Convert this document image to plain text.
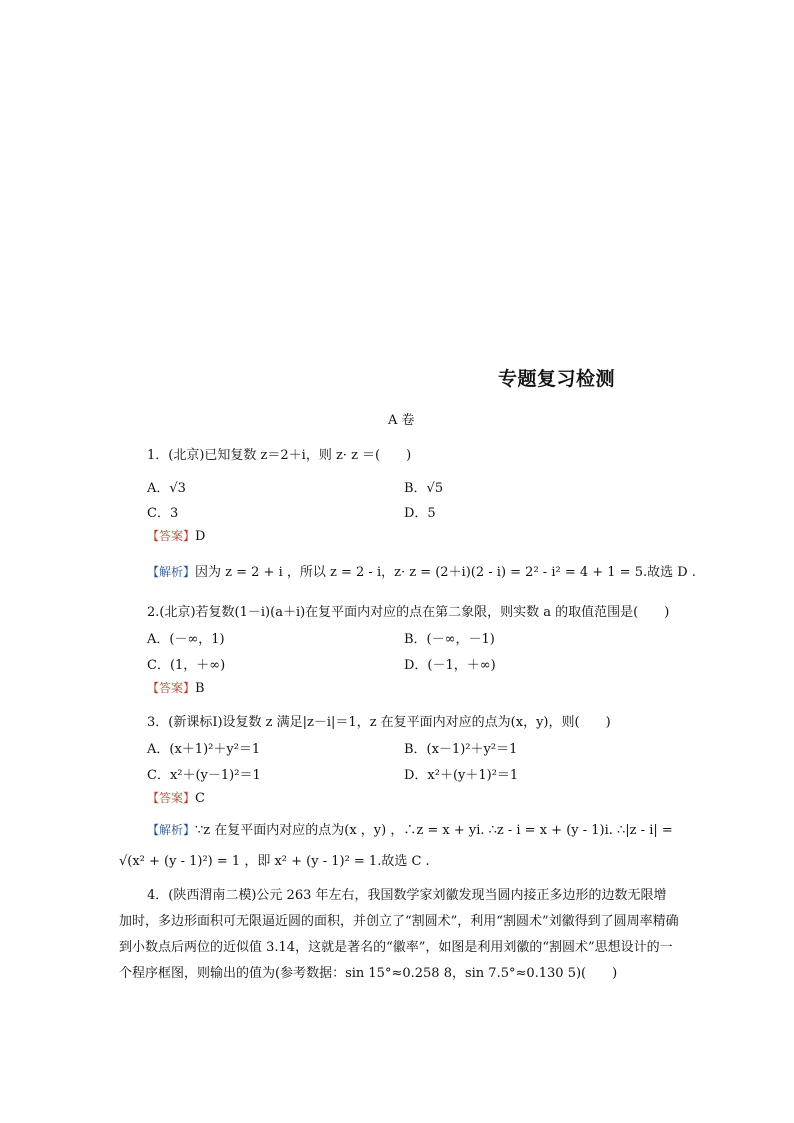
专题复习检测
A 卷
1．(北京)已知复数 z＝2＋i，则 z· z ＝(　　)
A．√3	B．√5
C．3	D．5
【答案】D
【解析】因为 z = 2 + i ，所以 z = 2 - i，z· z = (2＋i)(2 - i) = 2² - i² = 4 + 1 = 5.故选 D .
2.(北京)若复数(1－i)(a＋i)在复平面内对应的点在第二象限，则实数 a 的取值范围是(　　)
A．(－∞，1)	B．(－∞，－1)
C．(1，＋∞)	D．(－1，＋∞)
【答案】B
3．(新课标Ⅰ)设复数 z 满足|z－i|＝1，z 在复平面内对应的点为(x，y)，则(　　)
A．(x＋1)²＋y²＝1	B．(x－1)²＋y²＝1
C．x²＋(y－1)²＝1	D．x²＋(y＋1)²＝1
【答案】C
【解析】∵z 在复平面内对应的点为(x ，y) ，∴z = x + yi. ∴z - i = x + (y - 1)i. ∴|z - i| =
√(x² + (y - 1)²) = 1 ，即 x² + (y - 1)² = 1.故选 C .
4．(陕西渭南二模)公元 263 年左右，我国数学家刘徽发现当圆内接正多边形的边数无限增加时，多边形面积可无限逼近圆的面积，并创立了“割圆术”，利用“割圆术”刘徽得到了圆周率精确到小数点后两位的近似值 3.14，这就是著名的“徽率”，如图是利用刘徽的“割圆术”思想设计的一个程序框图，则输出的值为(参考数据：sin 15°≈0.258 8，sin 7.5°≈0.130 5)(　　)
